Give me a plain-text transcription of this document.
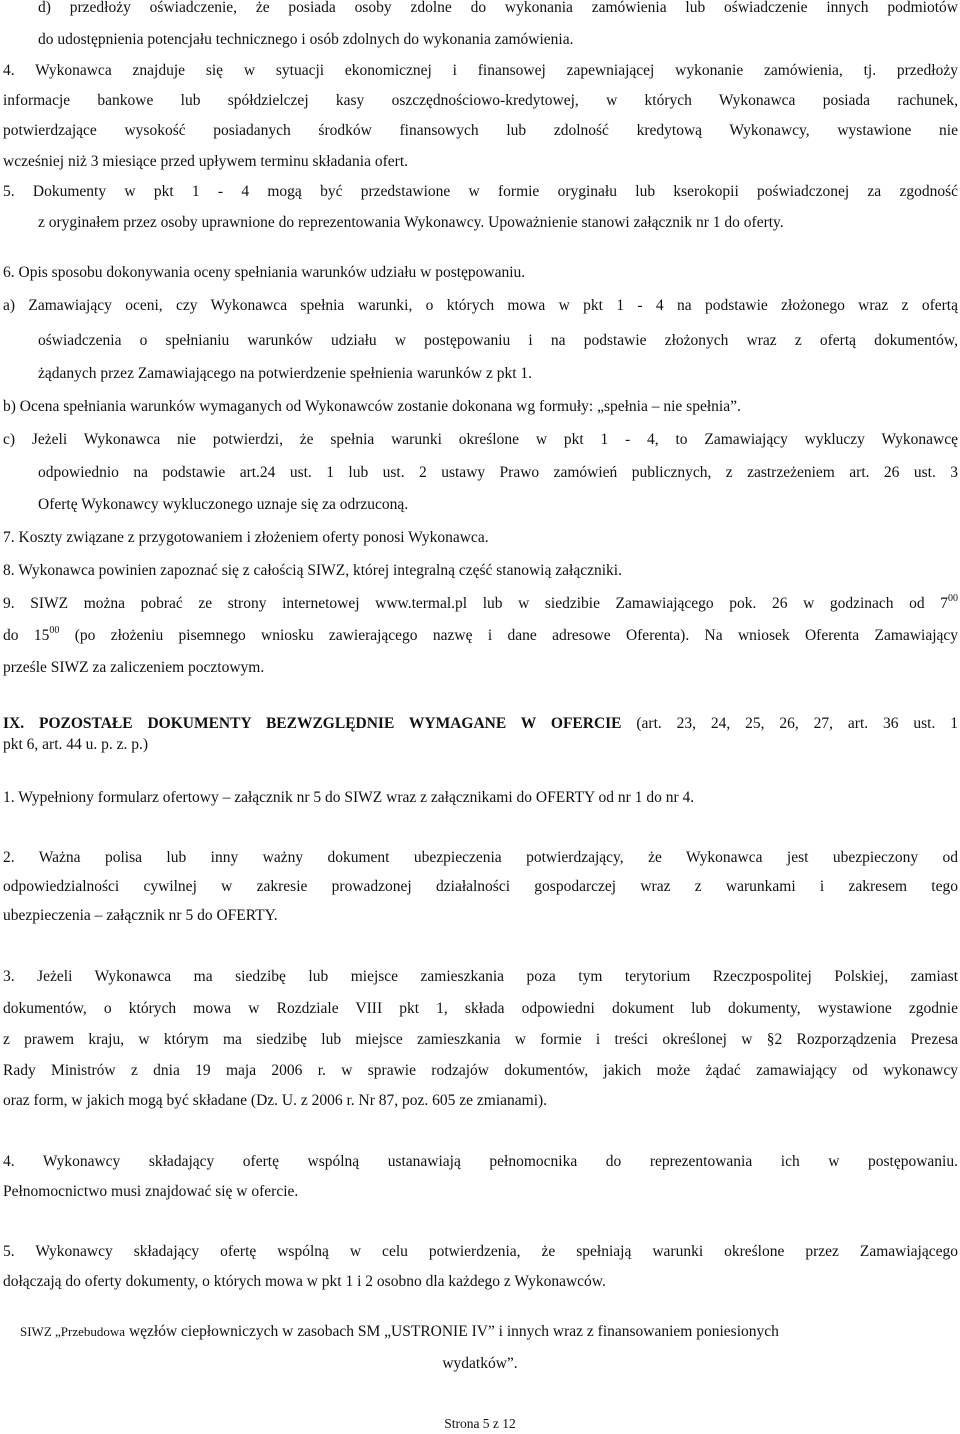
d) przedłoży oświadczenie, że posiada osoby zdolne do wykonania zamówienia lub oświadczenie innych podmiotów
do udostępnienia potencjału technicznego i osób zdolnych do wykonania zamówienia.
4. Wykonawca znajduje się w sytuacji ekonomicznej i finansowej zapewniającej wykonanie zamówienia, tj. przedłoży
informacje bankowe lub spółdzielczej kasy oszczędnościowo-kredytowej, w których Wykonawca posiada rachunek,
potwierdzające wysokość posiadanych środków finansowych lub zdolność kredytową Wykonawcy, wystawione nie
wcześniej niż 3 miesiące przed upływem terminu składania ofert.
5. Dokumenty w pkt 1 - 4 mogą być przedstawione w formie oryginału lub kserokopii poświadczonej za zgodność
z oryginałem przez osoby uprawnione do reprezentowania Wykonawcy. Upoważnienie stanowi załącznik nr 1 do oferty.
6. Opis sposobu dokonywania oceny spełniania warunków udziału w postępowaniu.
a) Zamawiający oceni, czy Wykonawca spełnia warunki, o których mowa w pkt 1 - 4 na podstawie złożonego wraz z ofertą
oświadczenia o spełnianiu warunków udziału w postępowaniu i na podstawie złożonych wraz z ofertą dokumentów,
żądanych przez Zamawiającego na potwierdzenie spełnienia warunków z pkt 1.
b) Ocena spełniania warunków wymaganych od Wykonawców zostanie dokonana wg formuły: „spełnia – nie spełnia”.
c) Jeżeli Wykonawca nie potwierdzi, że spełnia warunki określone w pkt 1 - 4, to Zamawiający wykluczy Wykonawcę
odpowiednio na podstawie art.24 ust. 1 lub ust. 2 ustawy Prawo zamówień publicznych, z zastrzeżeniem art. 26 ust. 3
Ofertę Wykonawcy wykluczonego uznaje się za odrzuconą.
7. Koszty związane z przygotowaniem i złożeniem oferty ponosi Wykonawca.
8. Wykonawca powinien zapoznać się z całością SIWZ, której integralną część stanowią załączniki.
9. SIWZ można pobrać ze strony internetowej www.termal.pl lub w siedzibie Zamawiającego pok. 26 w godzinach od $7^{00}$
do $15^{00}$ (po złożeniu pisemnego wniosku zawierającego nazwę i dane adresowe Oferenta). Na wniosek Oferenta Zamawiający
prześle SIWZ za zaliczeniem pocztowym.
IX. POZOSTAŁE DOKUMENTY BEZWZGLĘDNIE WYMAGANE W OFERCIE (art. 23, 24, 25, 26, 27, art. 36 ust. 1
pkt 6, art. 44 u. p. z. p.)
1. Wypełniony formularz ofertowy – załącznik nr 5 do SIWZ wraz z załącznikami do OFERTY od nr 1 do nr 4.
2. Ważna polisa lub inny ważny dokument ubezpieczenia potwierdzający, że Wykonawca jest ubezpieczony od
odpowiedzialności cywilnej w zakresie prowadzonej działalności gospodarczej wraz z warunkami i zakresem tego
ubezpieczenia – załącznik nr 5 do OFERTY.
3. Jeżeli Wykonawca ma siedzibę lub miejsce zamieszkania poza tym terytorium Rzeczpospolitej Polskiej, zamiast
dokumentów, o których mowa w Rozdziale VIII pkt 1, składa odpowiedni dokument lub dokumenty, wystawione zgodnie
z prawem kraju, w którym ma siedzibę lub miejsce zamieszkania w formie i treści określonej w §2 Rozporządzenia Prezesa
Rady Ministrów z dnia 19 maja 2006 r. w sprawie rodzajów dokumentów, jakich może żądać zamawiający od wykonawcy
oraz form, w jakich mogą być składane (Dz. U. z 2006 r. Nr 87, poz. 605 ze zmianami).
4. Wykonawcy składający ofertę wspólną ustanawiają pełnomocnika do reprezentowania ich w postępowaniu.
Pełnomocnictwo musi znajdować się w ofercie.
5. Wykonawcy składający ofertę wspólną w celu potwierdzenia, że spełniają warunki określone przez Zamawiającego
dołączają do oferty dokumenty, o których mowa w pkt 1 i 2 osobno dla każdego z Wykonawców.
SIWZ „Przebudowa węzłów ciepłowniczych w zasobach SM „USTRONIE IV” i innych wraz z finansowaniem poniesionych
wydatków”.
Strona 5 z 12
